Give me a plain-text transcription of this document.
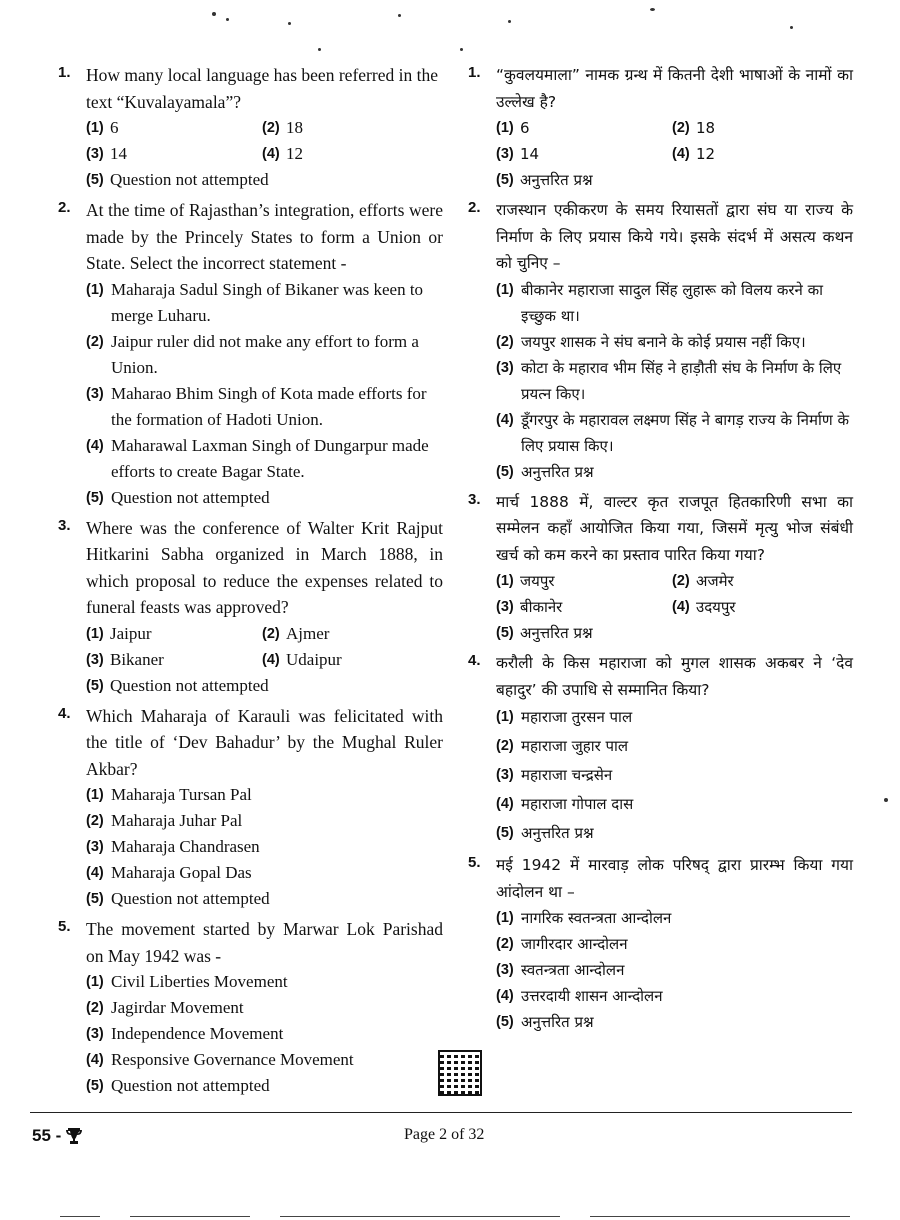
1. How many local language has been referred in the text “Kuvalayamala”?

(1) 6	(2) 18
(3) 14	(4) 12
(5) Question not attempted
2. At the time of Rajasthan’s integration, efforts were made by the Princely States to form a Union or State. Select the incorrect statement -

(1) Maharaja Sadul Singh of Bikaner was keen to merge Luharu.
(2) Jaipur ruler did not make any effort to form a Union.
(3) Maharao Bhim Singh of Kota made efforts for the formation of Hadoti Union.
(4) Maharawal Laxman Singh of Dungarpur made efforts to create Bagar State.
(5) Question not attempted
3. Where was the conference of Walter Krit Rajput Hitkarini Sabha organized in March 1888, in which proposal to reduce the expenses related to funeral feasts was approved?

(1) Jaipur	(2) Ajmer
(3) Bikaner	(4) Udaipur
(5) Question not attempted
4. Which Maharaja of Karauli was felicitated with the title of ‘Dev Bahadur’ by the Mughal Ruler Akbar?

(1) Maharaja Tursan Pal
(2) Maharaja Juhar Pal
(3) Maharaja Chandrasen
(4) Maharaja Gopal Das
(5) Question not attempted
5. The movement started by Marwar Lok Parishad on May 1942 was -

(1) Civil Liberties Movement
(2) Jagirdar Movement
(3) Independence Movement
(4) Responsive Governance Movement
(5) Question not attempted
1. “कुवलयमाला” नामक ग्रन्थ में कितनी देशी भाषाओं के नामों का उल्लेख है?

(1) 6	(2) 18
(3) 14	(4) 12
(5) अनुत्तरित प्रश्न
2. राजस्थान एकीकरण के समय रियासतों द्वारा संघ या राज्य के निर्माण के लिए प्रयास किये गये। इसके संदर्भ में असत्य कथन को चुनिए –

(1) बीकानेर महाराजा सादुल सिंह लुहारू को विलय करने का इच्छुक था।
(2) जयपुर शासक ने संघ बनाने के कोई प्रयास नहीं किए।
(3) कोटा के महाराव भीम सिंह ने हाड़ौती संघ के निर्माण के लिए प्रयत्न किए।
(4) डूँगरपुर के महारावल लक्ष्मण सिंह ने बागड़ राज्य के निर्माण के लिए प्रयास किए।
(5) अनुत्तरित प्रश्न
3. मार्च 1888 में, वाल्टर कृत राजपूत हितकारिणी सभा का सम्मेलन कहाँ आयोजित किया गया, जिसमें मृत्यु भोज संबंधी खर्च को कम करने का प्रस्ताव पारित किया गया?

(1) जयपुर	(2) अजमेर
(3) बीकानेर	(4) उदयपुर
(5) अनुत्तरित प्रश्न
4. करौली के किस महाराजा को मुगल शासक अकबर ने ‘देव बहादुर’ की उपाधि से सम्मानित किया?

(1) महाराजा तुरसन पाल
(2) महाराजा जुहार पाल
(3) महाराजा चन्द्रसेन
(4) महाराजा गोपाल दास
(5) अनुत्तरित प्रश्न
5. मई 1942 में मारवाड़ लोक परिषद् द्वारा प्रारम्भ किया गया आंदोलन था –

(1) नागरिक स्वतन्त्रता आन्दोलन
(2) जागीरदार आन्दोलन
(3) स्वतन्त्रता आन्दोलन
(4) उत्तरदायी शासन आन्दोलन
(5) अनुत्तरित प्रश्न
55 -	Page 2 of 32
